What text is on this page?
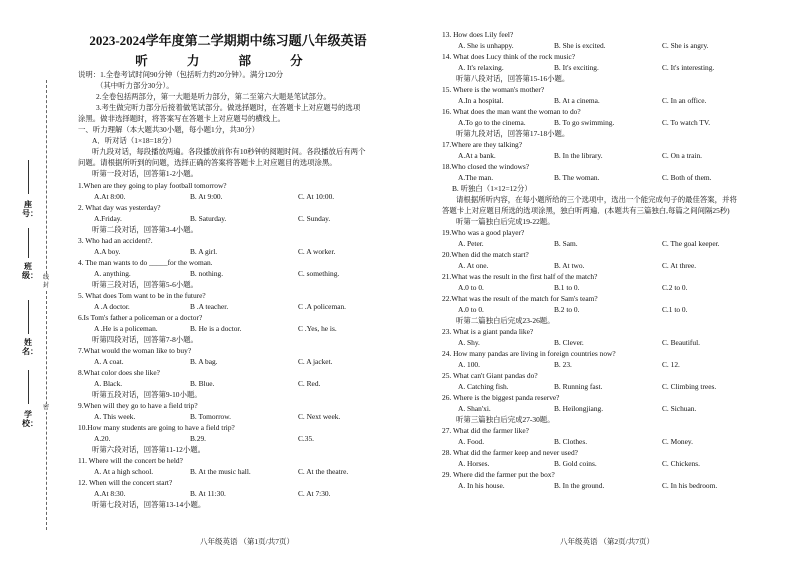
线
封
密
座号：
班级：
姓名：
学校：
2023-2024学年度第二学期期中练习题八年级英语
听 力 部 分
说明：1.全卷考试时间90分钟（包括听力约20分钟）。满分120分
（其中听力部分30分）。
2.全卷包括两部分，第一大题是听力部分，第二至第六大题是笔试部分。
3.考生做完听力部分后接着做笔试部分。做选择题时，在答题卡上对应题号的选项
涂黑。做非选择题时，将答案写在答题卡上对应题号的横线上。
一、听力理解（本大题共30小题，每小题1分，共30分）
A．听对话（1×18=18分）
听九段对话，每段播放两遍。各段播放前你有10秒钟的阅题时间。各段播放后有两个
问题。请根据所听到的问题，选择正确的答案将答题卡上对应题目的选项涂黑。
听第一段对话，回答第1-2小题。
1.When are they going to play football tomorrow?
A.At 8:00.	B. At 9:00.	C. At 10:00.
2. What day was yesterday?
A.Friday.	B. Saturday.	C. Sunday.
听第二段对话，回答第3-4小题。
3. Who had an accident?.
A.A boy.	B. A girl.	C. A worker.
4. The man wants to do _____for the woman.
A. anything.	B. nothing.	C. something.
听第三段对话，回答第5-6小题。
5. What does Tom want to be in the future?
A .A doctor.	B .A teacher.	C .A policeman.
6.Is Tom's father a policeman or a doctor?
A .He is a policeman.	B. He is a doctor.	C .Yes, he is.
听第四段对话，回答第7-8小题。
7.What would the woman like to buy?
A. A coat.	B. A bag.	C. A jacket.
8.What color does she like?
A. Black.	B. Blue.	C. Red.
听第五段对话，回答第9-10小题。
9.When will they go to have a field trip?
A. This week.	B. Tomorrow.	C. Next week.
10.How many students are going to have a field trip?
A.20.	B.29.	C.35.
听第六段对话，回答第11-12小题。
11. Where will the concert be held?
A. At a high school.	B. At the music hall.	C. At the theatre.
12. When will the concert start?
A.At 8:30.	B. At 11:30.	C. At 7:30.
听第七段对话，回答第13-14小题。
13. How does Lily feel?
A. She is unhappy.	B. She is excited.	C. She is angry.
14. What does Lucy think of the rock music?
A. It's relaxing.	B. It's exciting.	C. It's interesting.
听第八段对话，回答第15-16小题。
15. Where is the woman's mother?
A.In a hospital.	B. At a cinema.	C. In an office.
16. What does the man want the woman to do?
A.To go to the cinema.	B. To go swimming.	C. To watch TV.
听第九段对话，回答第17-18小题。
17.Where are they talking?
A.At a bank.	B. In the library.	C. On a train.
18.Who closed the windows?
A.The man.	B. The woman.	C. Both of them.
B. 听独白（1×12=12分）
请根据所听内容，在每小题所给的三个选项中，选出一个能完成句子的最佳答案，并将
答题卡上对应题目所选的选项涂黑，独白听两遍．(本题共有三篇独白,每篇之间间隔25秒)
听第一篇独白后完成19-22题。
19.Who was a good player?
A. Peter.	B. Sam.	C. The goal keeper.
20.When did the match start?
A. At one.	B. At two.	C. At three.
21.What was the result in the first half of the match?
A.0 to 0.	B.1 to 0.	C.2 to 0.
22.What was the result of the match for Sam's team?
A.0 to 0.	B.2 to 0.	C.1 to 0.
听第二篇独白后完成23-26题。
23. What is a giant panda like?
A. Shy.	B. Clever.	C. Beautiful.
24. How many pandas are living in foreign countries now?
A. 100.	B. 23.	C. 12.
25. What can't Giant pandas do?
A. Catching fish.	B. Running fast.	C. Climbing trees.
26. Where is the biggest panda reserve?
A. Shan'xi.	B. Heilongjiang.	C. Sichuan.
听第三篇独白后完成27-30题。
27. What did the farmer like?
A. Food.	B. Clothes.	C. Money.
28. What did the farmer keep and never used?
A. Horses.	B. Gold coins.	C. Chickens.
29. Where did the farmer put the box?
A. In his house.	B. In the ground.	C. In his bedroom.
八年级英语 （第1页/共7页）	八年级英语 （第2页/共7页）
